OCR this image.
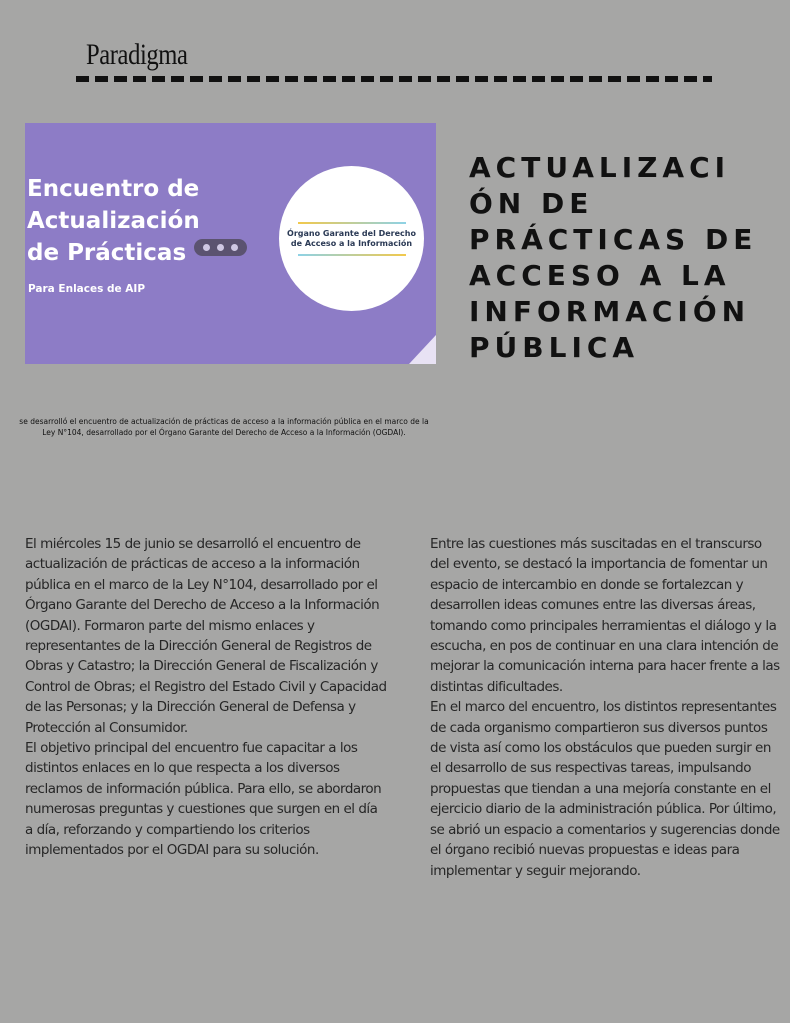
Paradigma
Encuentro de
Actualización
de Prácticas
Para Enlaces de AIP
Órgano Garante del Derecho
de Acceso a la Información
ACTUALIZACI
ÓN DE
PRÁCTICAS DE
ACCESO A LA
INFORMACIÓN
PÚBLICA
se desarrolló el encuentro de actualización de prácticas de acceso a la información pública en el marco de la Ley N°104, desarrollado por el Órgano Garante del Derecho de Acceso a la Información (OGDAI).

El miércoles 15 de junio se desarrolló el encuentro de actualización de prácticas de acceso a la información pública en el marco de la Ley N°104, desarrollado por el Órgano Garante del Derecho de Acceso a la Información (OGDAI). Formaron parte del mismo enlaces y representantes de la Dirección General de Registros de Obras y Catastro; la Dirección General de Fiscalización y Control de Obras; el Registro del Estado Civil y Capacidad de las Personas; y la Dirección General de Defensa y Protección al Consumidor.

El objetivo principal del encuentro fue capacitar a los distintos enlaces en lo que respecta a los diversos reclamos de información pública. Para ello, se abordaron numerosas preguntas y cuestiones que surgen en el día a día, reforzando y compartiendo los criterios implementados por el OGDAI para su solución.

Entre las cuestiones más suscitadas en el transcurso del evento, se destacó la importancia de fomentar un espacio de intercambio en donde se fortalezcan y desarrollen ideas comunes entre las diversas áreas, tomando como principales herramientas el diálogo y la escucha, en pos de continuar en una clara intención de mejorar la comunicación interna para hacer frente a las distintas dificultades.

En el marco del encuentro, los distintos representantes de cada organismo compartieron sus diversos puntos de vista así como los obstáculos que pueden surgir en el desarrollo de sus respectivas tareas, impulsando propuestas que tiendan a una mejoría constante en el ejercicio diario de la administración pública. Por último, se abrió un espacio a comentarios y sugerencias donde el órgano recibió nuevas propuestas e ideas para implementar y seguir mejorando.
